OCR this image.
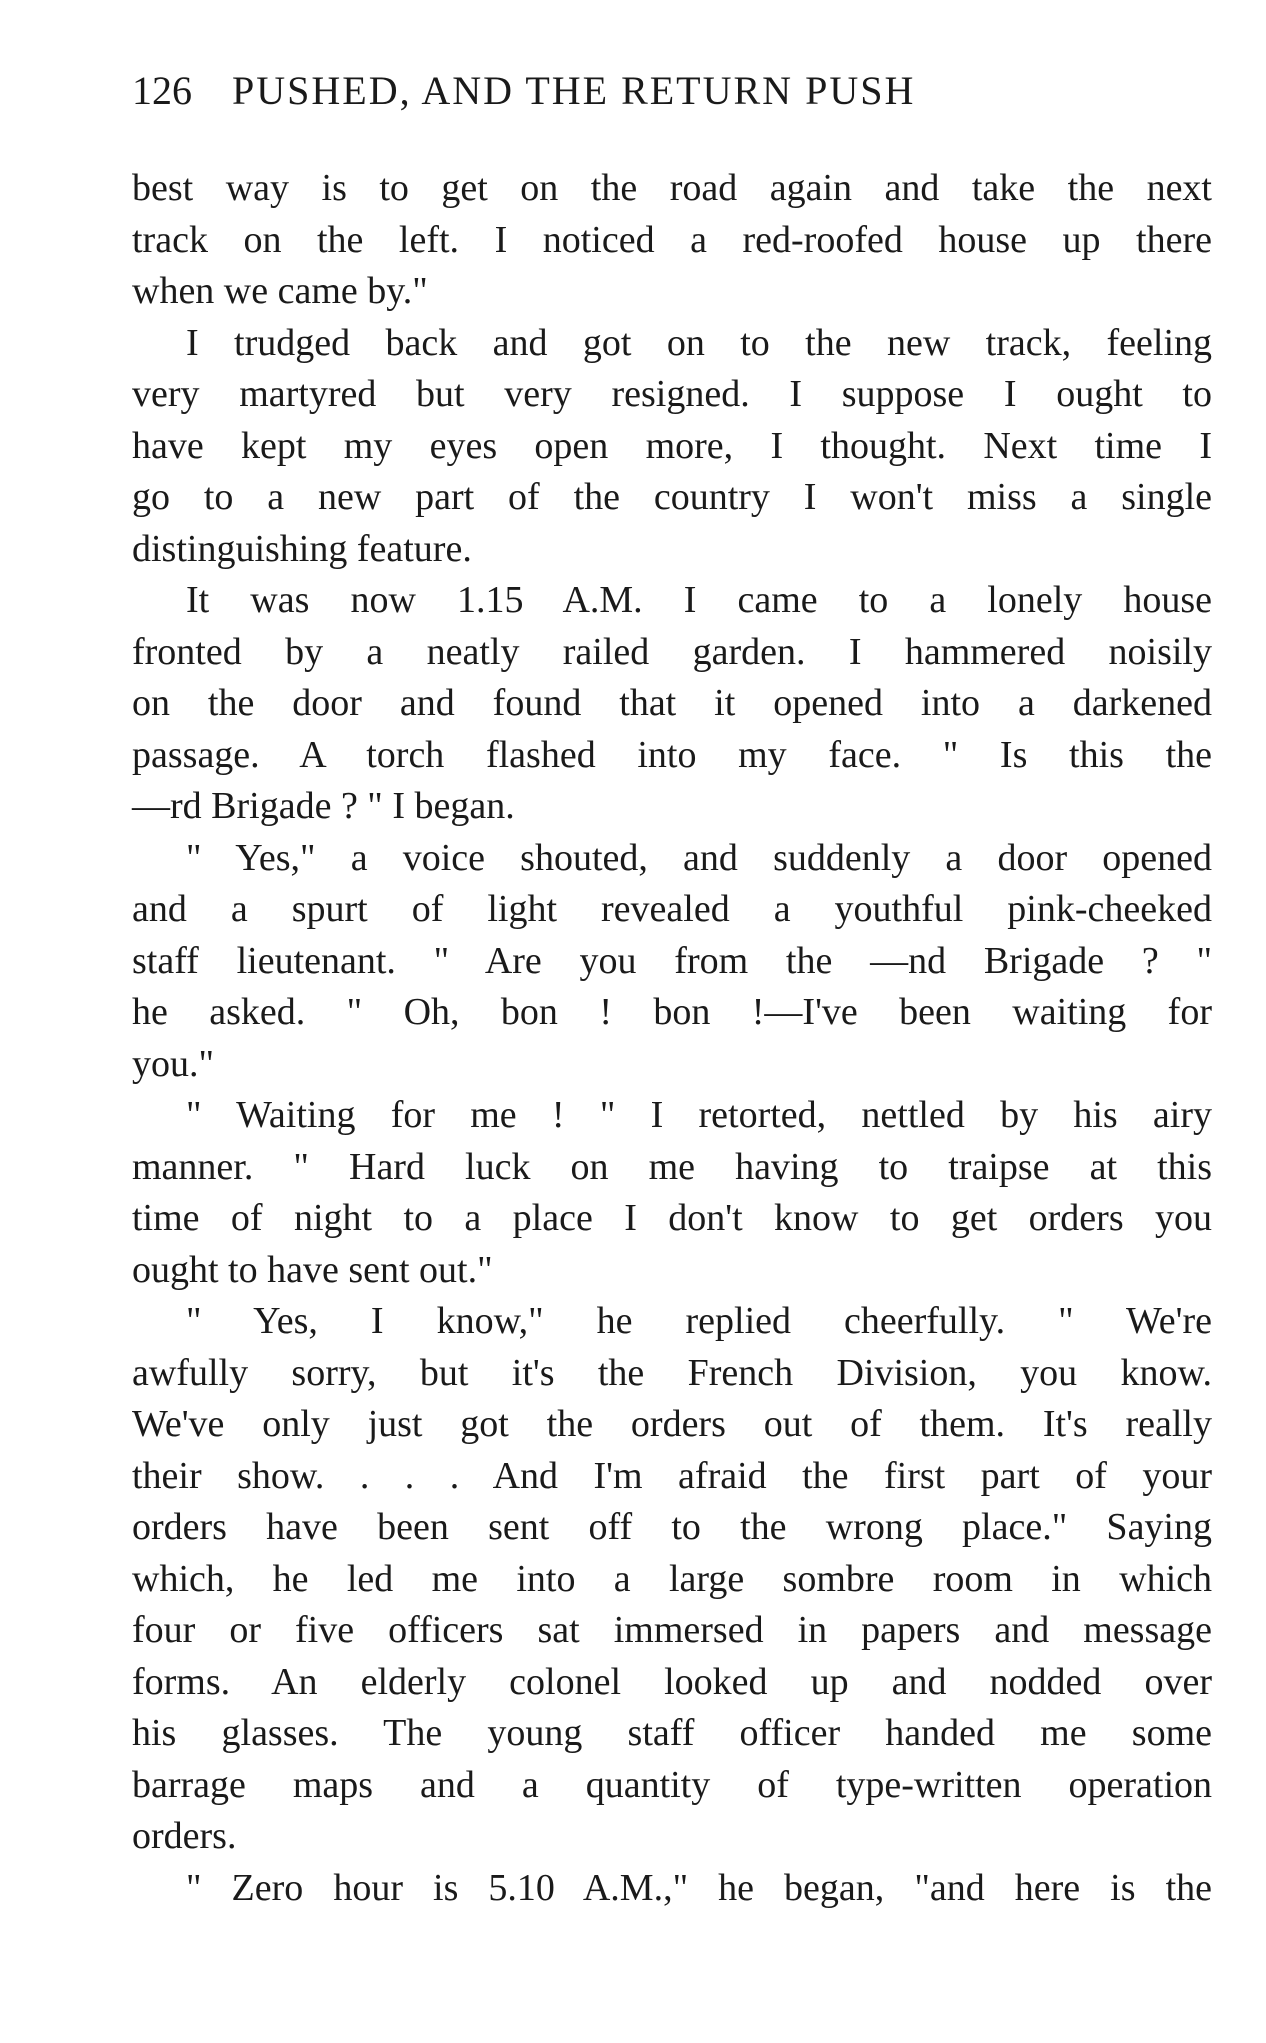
126 PUSHED, AND THE RETURN PUSH
best way is to get on the road again and take the next
track on the left. I noticed a red-roofed house up there
when we came by."
I trudged back and got on to the new track, feeling
very martyred but very resigned. I suppose I ought to
have kept my eyes open more, I thought. Next time I
go to a new part of the country I won't miss a single
distinguishing feature.
It was now 1.15 A.M. I came to a lonely house
fronted by a neatly railed garden. I hammered noisily
on the door and found that it opened into a darkened
passage. A torch flashed into my face. " Is this the
—rd Brigade ? " I began.
" Yes," a voice shouted, and suddenly a door opened
and a spurt of light revealed a youthful pink-cheeked
staff lieutenant. " Are you from the —nd Brigade ? "
he asked. " Oh, bon ! bon !—I've been waiting for
you."
" Waiting for me ! " I retorted, nettled by his airy
manner. " Hard luck on me having to traipse at this
time of night to a place I don't know to get orders you
ought to have sent out."
" Yes, I know," he replied cheerfully. " We're
awfully sorry, but it's the French Division, you know.
We've only just got the orders out of them. It's really
their show. . . . And I'm afraid the first part of your
orders have been sent off to the wrong place." Saying
which, he led me into a large sombre room in which
four or five officers sat immersed in papers and message
forms. An elderly colonel looked up and nodded over
his glasses. The young staff officer handed me some
barrage maps and a quantity of type-written operation
orders.
" Zero hour is 5.10 A.M.," he began, "and here is the
